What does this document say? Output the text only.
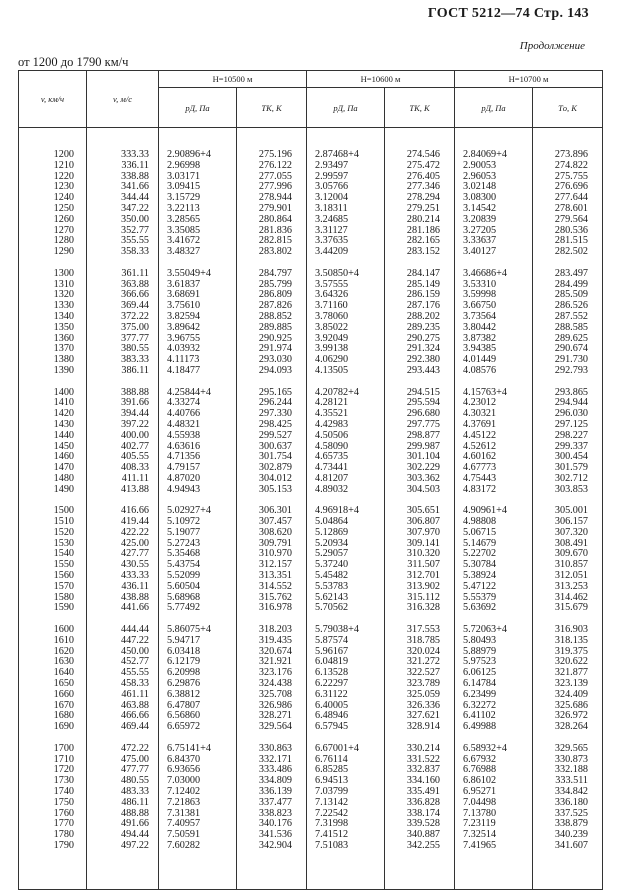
ГОСТ 5212—74 Стр. 143
Продолжение
от 1200 до 1790 км/ч
v, км/ч	v, м/с	H=10500 м		H=10600 м		H=10700 м	
		pД, Па	TК, К	pД, Па	TК, К	pД, Па	Tо, К
1200	333.33	2.90896+4	275.196	2.87468+4	274.546	2.84069+4	273.896
1210	336.11	2.96998	276.122	2.93497	275.472	2.90053	274.822
1220	338.88	3.03171	277.055	2.99597	276.405	2.96053	275.755
1230	341.66	3.09415	277.996	3.05766	277.346	3.02148	276.696
1240	344.44	3.15729	278.944	3.12004	278.294	3.08300	277.644
1250	347.22	3.22113	279.901	3.18311	279.251	3.14542	278.601
1260	350.00	3.28565	280.864	3.24685	280.214	3.20839	279.564
1270	352.77	3.35085	281.836	3.31127	281.186	3.27205	280.536
1280	355.55	3.41672	282.815	3.37635	282.165	3.33637	281.515
1290	358.33	3.48327	283.802	3.44209	283.152	3.40127	282.502

1300	361.11	3.55049+4	284.797	3.50850+4	284.147	3.46686+4	283.497
1310	363.88	3.61837	285.799	3.57555	285.149	3.53310	284.499
1320	366.66	3.68691	286.809	3.64326	286.159	3.59998	285.509
1330	369.44	3.75610	287.826	3.71160	287.176	3.66750	286.526
1340	372.22	3.82594	288.852	3.78060	288.202	3.73564	287.552
1350	375.00	3.89642	289.885	3.85022	289.235	3.80442	288.585
1360	377.77	3.96755	290.925	3.92049	290.275	3.87382	289.625
1370	380.55	4.03932	291.974	3.99138	291.324	3.94385	290.674
1380	383.33	4.11173	293.030	4.06290	292.380	4.01449	291.730
1390	386.11	4.18477	294.093	4.13505	293.443	4.08576	292.793

1400	388.88	4.25844+4	295.165	4.20782+4	294.515	4.15763+4	293.865
1410	391.66	4.33274	296.244	4.28121	295.594	4.23012	294.944
1420	394.44	4.40766	297.330	4.35521	296.680	4.30321	296.030
1430	397.22	4.48321	298.425	4.42983	297.775	4.37691	297.125
1440	400.00	4.55938	299.527	4.50506	298.877	4.45122	298.227
1450	402.77	4.63616	300.637	4.58090	299.987	4.52612	299.337
1460	405.55	4.71356	301.754	4.65735	301.104	4.60162	300.454
1470	408.33	4.79157	302.879	4.73441	302.229	4.67773	301.579
1480	411.11	4.87020	304.012	4.81207	303.362	4.75443	302.712
1490	413.88	4.94943	305.153	4.89032	304.503	4.83172	303.853

1500	416.66	5.02927+4	306.301	4.96918+4	305.651	4.90961+4	305.001
1510	419.44	5.10972	307.457	5.04864	306.807	4.98808	306.157
1520	422.22	5.19077	308.620	5.12869	307.970	5.06715	307.320
1530	425.00	5.27243	309.791	5.20934	309.141	5.14679	308.491
1540	427.77	5.35468	310.970	5.29057	310.320	5.22702	309.670
1550	430.55	5.43754	312.157	5.37240	311.507	5.30784	310.857
1560	433.33	5.52099	313.351	5.45482	312.701	5.38924	312.051
1570	436.11	5.60504	314.552	5.53783	313.902	5.47122	313.253
1580	438.88	5.68968	315.762	5.62143	315.112	5.55379	314.462
1590	441.66	5.77492	316.978	5.70562	316.328	5.63692	315.679

1600	444.44	5.86075+4	318.203	5.79038+4	317.553	5.72063+4	316.903
1610	447.22	5.94717	319.435	5.87574	318.785	5.80493	318.135
1620	450.00	6.03418	320.674	5.96167	320.024	5.88979	319.375
1630	452.77	6.12179	321.921	6.04819	321.272	5.97523	320.622
1640	455.55	6.20998	323.176	6.13528	322.527	6.06125	321.877
1650	458.33	6.29876	324.438	6.22297	323.789	6.14784	323.139
1660	461.11	6.38812	325.708	6.31122	325.059	6.23499	324.409
1670	463.88	6.47807	326.986	6.40005	326.336	6.32272	325.686
1680	466.66	6.56860	328.271	6.48946	327.621	6.41102	326.972
1690	469.44	6.65972	329.564	6.57945	328.914	6.49988	328.264

1700	472.22	6.75141+4	330.863	6.67001+4	330.214	6.58932+4	329.565
1710	475.00	6.84370	332.171	6.76114	331.522	6.67932	330.873
1720	477.77	6.93656	333.486	6.85285	332.837	6.76988	332.188
1730	480.55	7.03000	334.809	6.94513	334.160	6.86102	333.511
1740	483.33	7.12402	336.139	7.03799	335.491	6.95271	334.842
1750	486.11	7.21863	337.477	7.13142	336.828	7.04498	336.180
1760	488.88	7.31381	338.823	7.22542	338.174	7.13780	337.525
1770	491.66	7.40957	340.176	7.31998	339.528	7.23119	338.879
1780	494.44	7.50591	341.536	7.41512	340.887	7.32514	340.239
1790	497.22	7.60282	342.904	7.51083	342.255	7.41965	341.607
